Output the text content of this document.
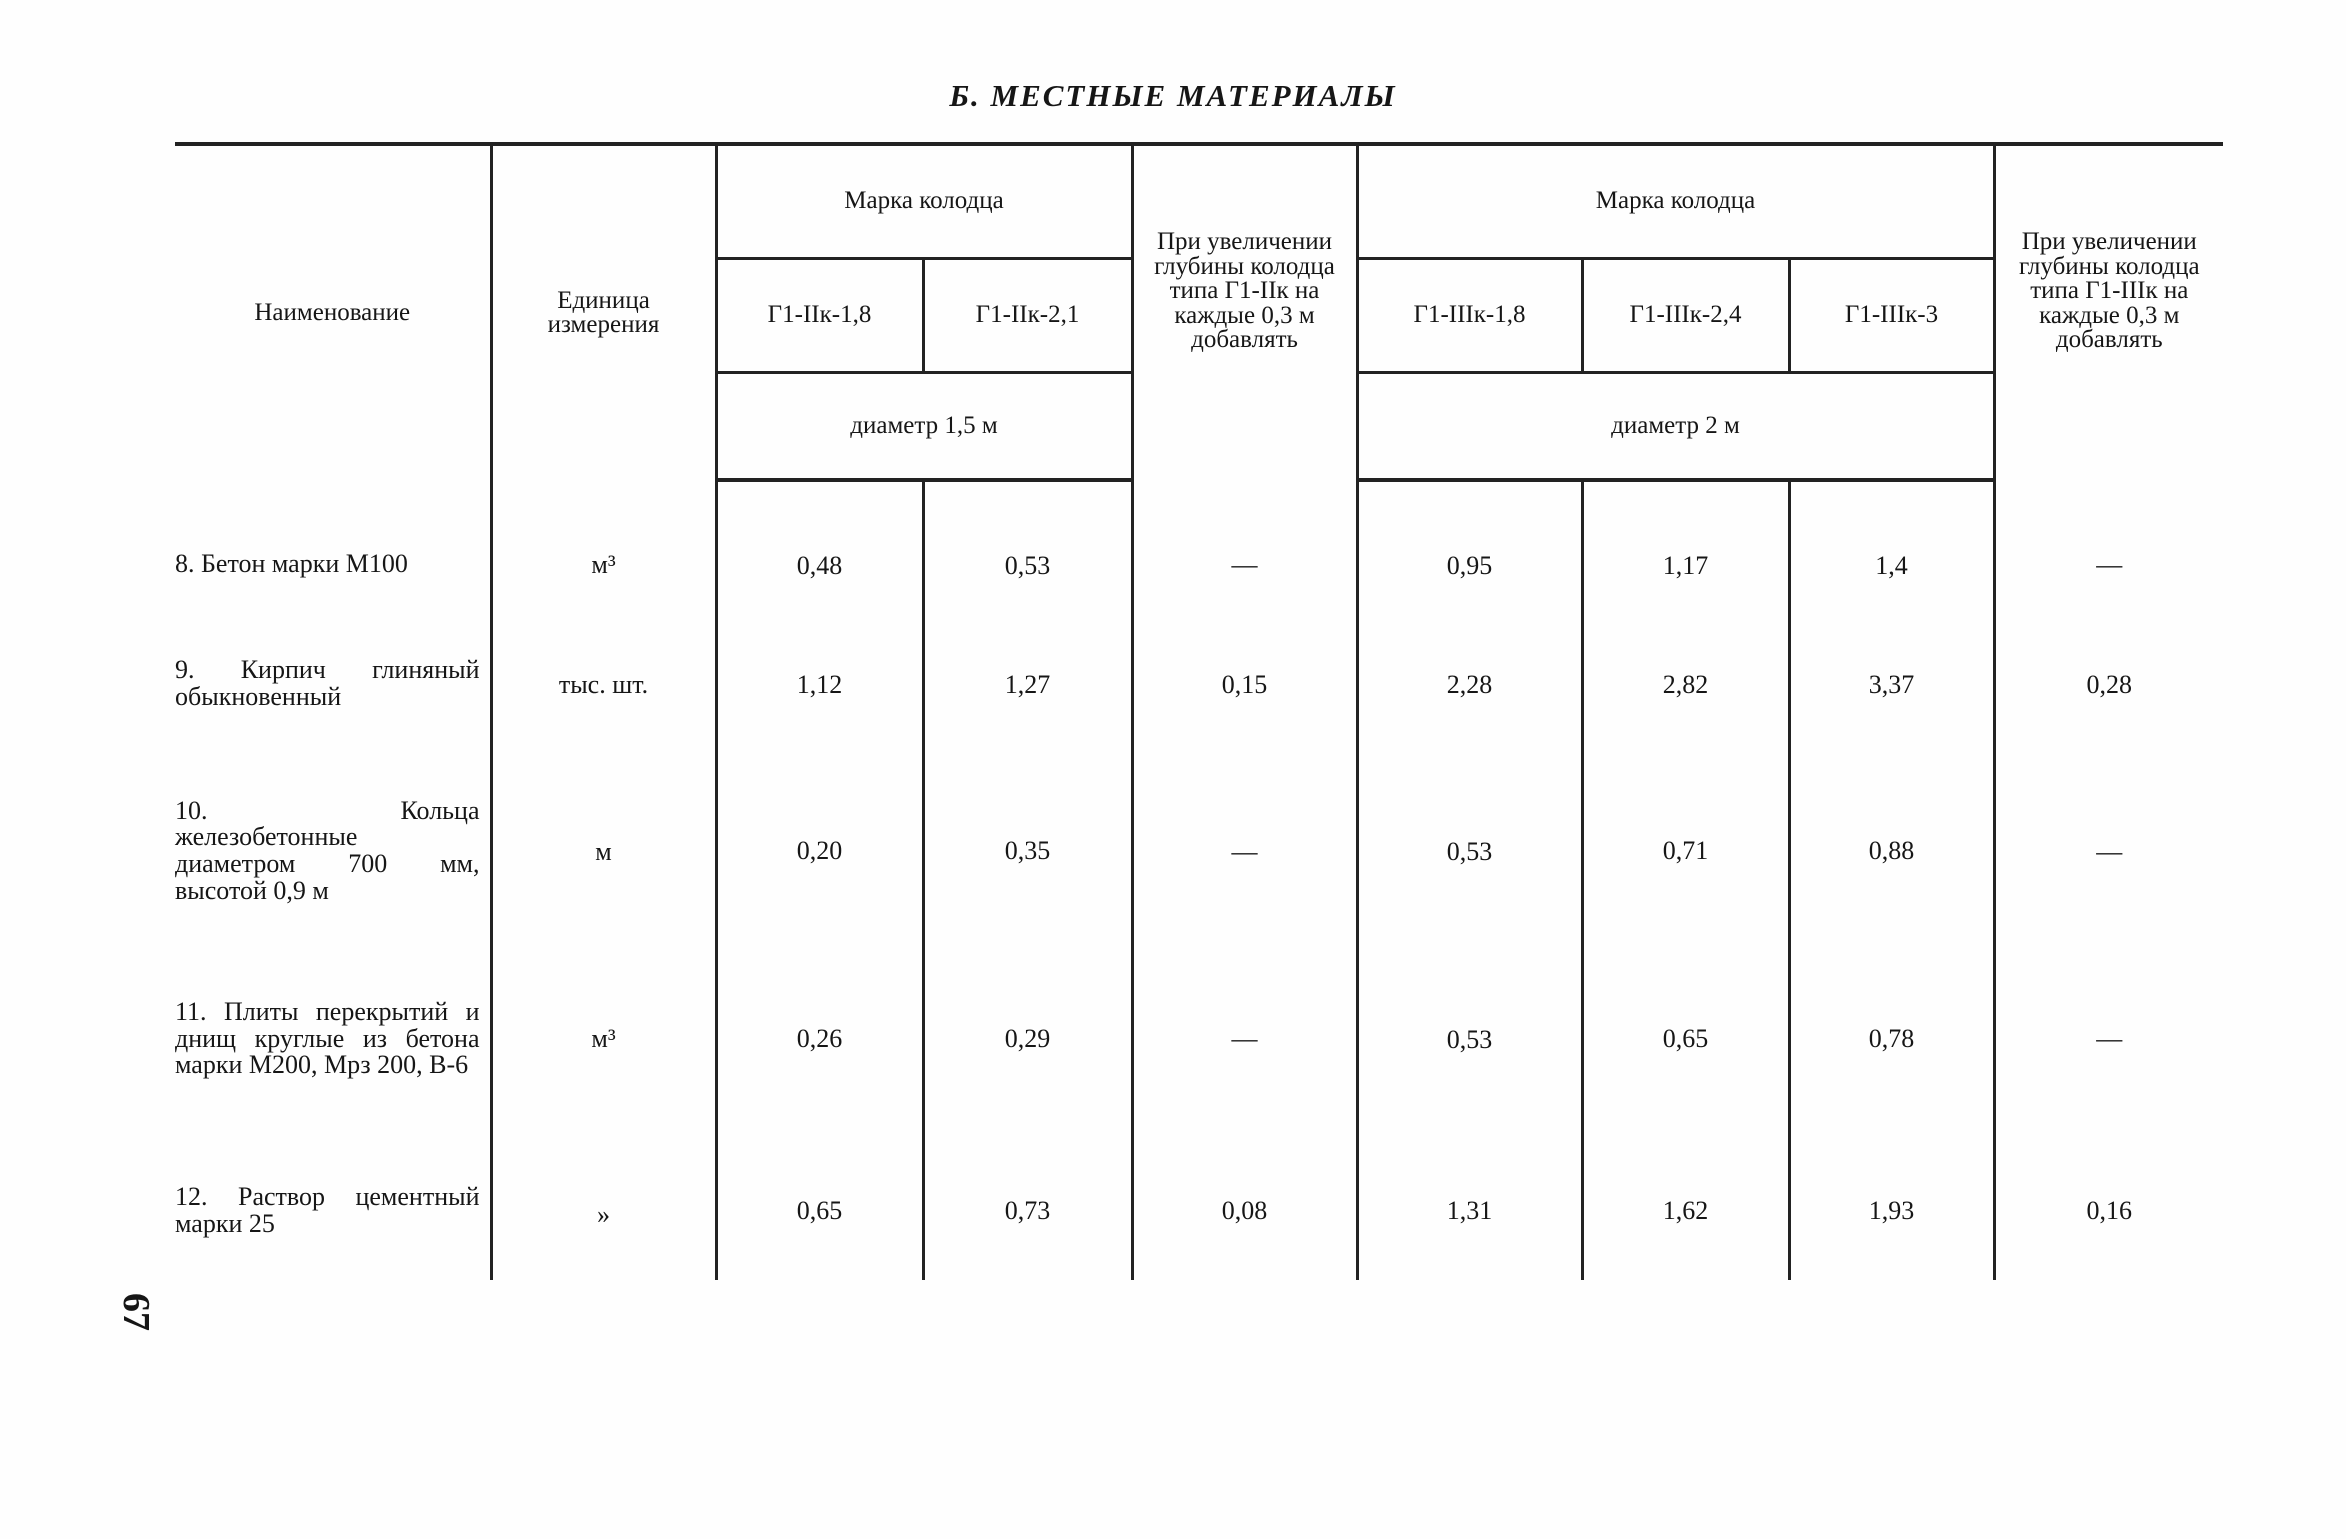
Б. МЕСТНЫЕ МАТЕРИАЛЫ
Наименование	Единица измерения	Марка колодца		При увеличении глубины колодца типа Г1-IIк на каждые 0,3 м добавлять	Марка колодца			При увеличении глубины колодца типа Г1-IIIк на каждые 0,3 м добавлять
		Г1-IIк-1,8	Г1-IIк-2,1		Г1-IIIк-1,8	Г1-IIIк-2,4	Г1-IIIк-3	
		диаметр 1,5 м			диаметр 2 м			
8. Бетон марки М100	м³	0,48	0,53	—	0,95	1,17	1,4	—
9. Кирпич глиняный обыкновенный	тыс. шт.	1,12	1,27	0,15	2,28	2,82	3,37	0,28
10. Кольца железобетонные диаметром 700 мм, высотой 0,9 м	м	0,20	0,35	—	0,53	0,71	0,88	—
11. Плиты перекрытий и днищ круглые из бетона марки М200, Мрз 200, В-6	м³	0,26	0,29	—	0,53	0,65	0,78	—
12. Раствор цементный марки 25	»	0,65	0,73	0,08	1,31	1,62	1,93	0,16
67
